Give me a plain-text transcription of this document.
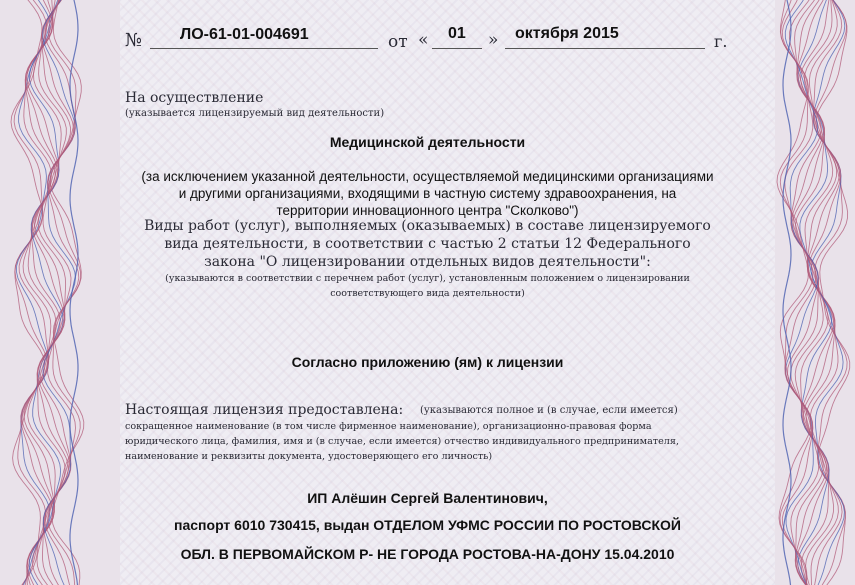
№ ЛО-61-01-004691	от « 01 » октября 2015	г.
На осуществление
(указывается лицензируемый вид деятельности)
Медицинской деятельности
(за исключением указанной деятельности, осуществляемой медицинскими организациями
и другими организациями, входящими в частную систему здравоохранения, на
территории инновационного центра "Сколково")
Виды работ (услуг), выполняемых (оказываемых) в составе лицензируемого
вида деятельности, в соответствии с частью 2 статьи 12 Федерального
закона "О лицензировании отдельных видов деятельности":
(указываются в соответствии с перечнем работ (услуг), установленным положением о лицензировании
соответствующего вида деятельности)
Согласно приложению (ям) к лицензии
Настоящая лицензия предоставлена: (указываются полное и (в случае, если имеется)
сокращенное наименование (в том числе фирменное наименование), организационно-правовая форма
юридического лица, фамилия, имя и (в случае, если имеется) отчество индивидуального предпринимателя,
наименование и реквизиты документа, удостоверяющего его личность)
ИП Алёшин Сергей Валентинович,
паспорт 6010 730415, выдан ОТДЕЛОМ УФМС РОССИИ ПО РОСТОВСКОЙ
ОБЛ. В ПЕРВОМАЙСКОМ Р- НЕ ГОРОДА РОСТОВА-НА-ДОНУ 15.04.2010
